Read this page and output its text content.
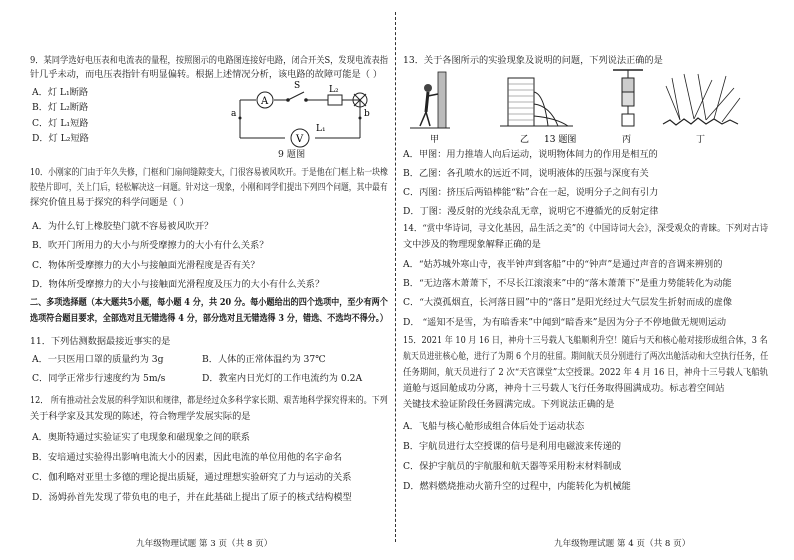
9．某同学选好电压表和电流表的量程，按照图示的电路图连接好电路，闭合开关S，发现电流表指
针几乎未动，而电压表指针有明显偏转。根据上述情况分析，该电路的故障可能是（ ）
A．灯 L₁断路
B．灯 L₂断路
C．灯 L₁短路
D．灯 L₂短路
A
S	L₂
V
L₁
a	b
9 题图
10．小刚家的门由于年久失修，门框和门扇间缝隙变大，门很容易被风吹开。于是他在门框上粘一块橡
胶垫片即可，关上门后，轻松解决这一问题。针对这一现象，小刚和同学们提出下列四个问题，其中最有
探究价值且易于探究的科学问题是（ ）
A．为什么钉上橡胶垫门就不容易被风吹开？
B．吹开门所用力的大小与所受摩擦力的大小有什么关系？
C．物体所受摩擦力的大小与接触面光滑程度是否有关？
D．物体所受摩擦力的大小与接触面光滑程度及压力的大小有什么关系？
二、多项选择题（本大题共5小题，每小题 4 分，共 20 分。每小题给出的四个选项中，至少有两个
选项符合题目要求，全部选对且无错选得 4 分，部分选对且无错选得 3 分，错选、不选均不得分。）
11．下列估测数据最接近事实的是
A．一只医用口罩的质量约为 3g	B．人体的正常体温约为 37℃
C．同学正常步行速度约为 5m/s	D．教室内日光灯的工作电流约为 0.2A
12． 所有推动社会发展的科学知识和规律，都是经过众多科学家长期、艰苦地科学探究得来的。下列
关于科学家及其发现的陈述，符合物理学发展实际的是
A．奥斯特通过实验证实了电现象和磁现象之间的联系
B．安培通过实验得出影响电流大小的因素，因此电流的单位用他的名字命名
C．伽利略对亚里士多德的理论提出质疑，通过理想实验研究了力与运动的关系
D．汤姆孙首先发现了带负电的电子，并在此基础上提出了原子的核式结构模型
九年级物理试题 第 3 页（共 8 页）
13．关于各图所示的实验现象及说明的问题，下列说法正确的是
甲	乙	丙	丁
13 题图
A．甲图：用力推墙人向后运动，说明物体间力的作用是相互的
B．乙图：各孔喷水的远近不同，说明液体的压强与深度有关
C．丙图：挤压后两铅棒能“粘”合在一起，说明分子之间有引力
D．丁图：漫反射的光线杂乱无章，说明它不遵循光的反射定律
14．“赏中华诗词，寻文化基因，品生活之美”的《中国诗词大会》，深受观众的青睐。下列对古诗
文中涉及的物理现象解释正确的是
A．“姑苏城外寒山寺，夜半钟声到客船”中的“钟声”是通过声音的音调来辨别的
B．“无边落木萧萧下，不尽长江滚滚来”中的“落木萧萧下”是重力势能转化为动能
C．“大漠孤烟直，长河落日圆”中的“落日”是阳光经过大气层发生折射而成的虚像
D． “遥知不是雪，为有暗香来”中闻到“暗香来”是因为分子不停地做无规则运动
15．2021 年 10 月 16 日，神舟十三号载人飞船顺利升空！随后与天和核心舱对接形成组合体，3 名
航天员进驻核心舱，进行了为期 6 个月的驻留。期间航天员分别进行了两次出舱活动和大空执行任务，任
任务期间，航天员进行了 2 次“天宫课堂”太空授课。2022 年 4 月 16 日，神舟十三号载人飞船轨
道舱与返回舱成功分离，神舟十三号载人飞行任务取得圆满成功。标志着空间站
关键技术验证阶段任务圆满完成。下列说法正确的是
A．飞船与核心舱形成组合体后处于运动状态
B．宇航员进行太空授课的信号是利用电磁波来传递的
C．保护宇航员的宇航服和航天器等采用粉末材料制成
D．燃料燃烧推动火箭升空的过程中，内能转化为机械能
九年级物理试题 第 4 页（共 8 页）
